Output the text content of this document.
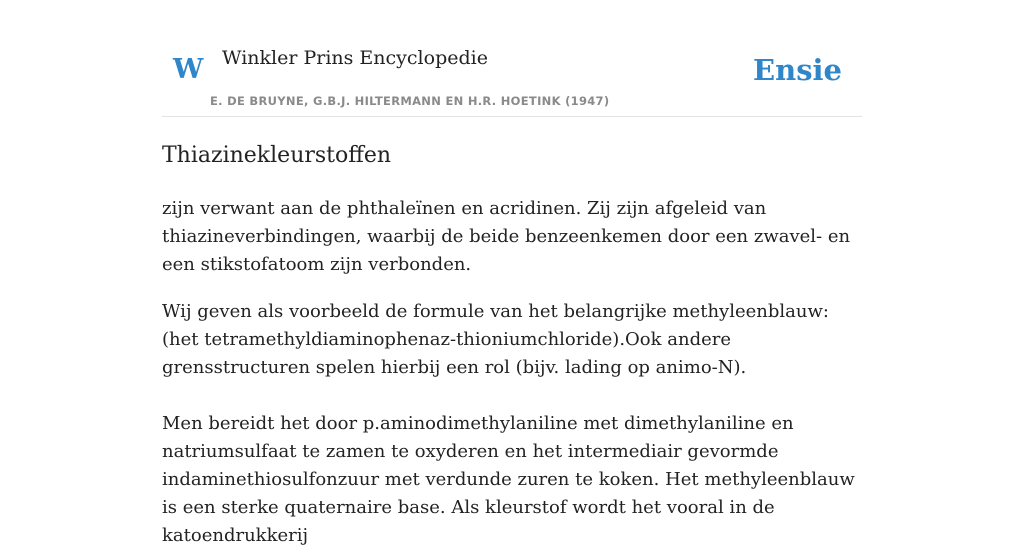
W Winkler Prins Encyclopedie
E. DE BRUYNE, G.B.J. HILTERMANN EN H.R. HOETINK (1947)
Ensie
Thiazinekleurstoffen

zijn verwant aan de phthaleïnen en acridinen. Zij zijn afgeleid van thiazineverbindingen, waarbij de beide benzeenkemen door een zwavel- en een stikstofatoom zijn verbonden.

Wij geven als voorbeeld de formule van het belangrijke methyleenblauw: (het tetramethyldiaminophenaz-thioniumchloride).Ook andere grensstructuren spelen hierbij een rol (bijv. lading op animo-N).

Men bereidt het door p.aminodimethylaniline met dimethylaniline en natriumsulfaat te zamen te oxyderen en het intermediair gevormde indaminethiosulfonzuur met verdunde zuren te koken. Het methyleenblauw is een sterke quaternaire base. Als kleurstof wordt het vooral in de katoendrukkerij
